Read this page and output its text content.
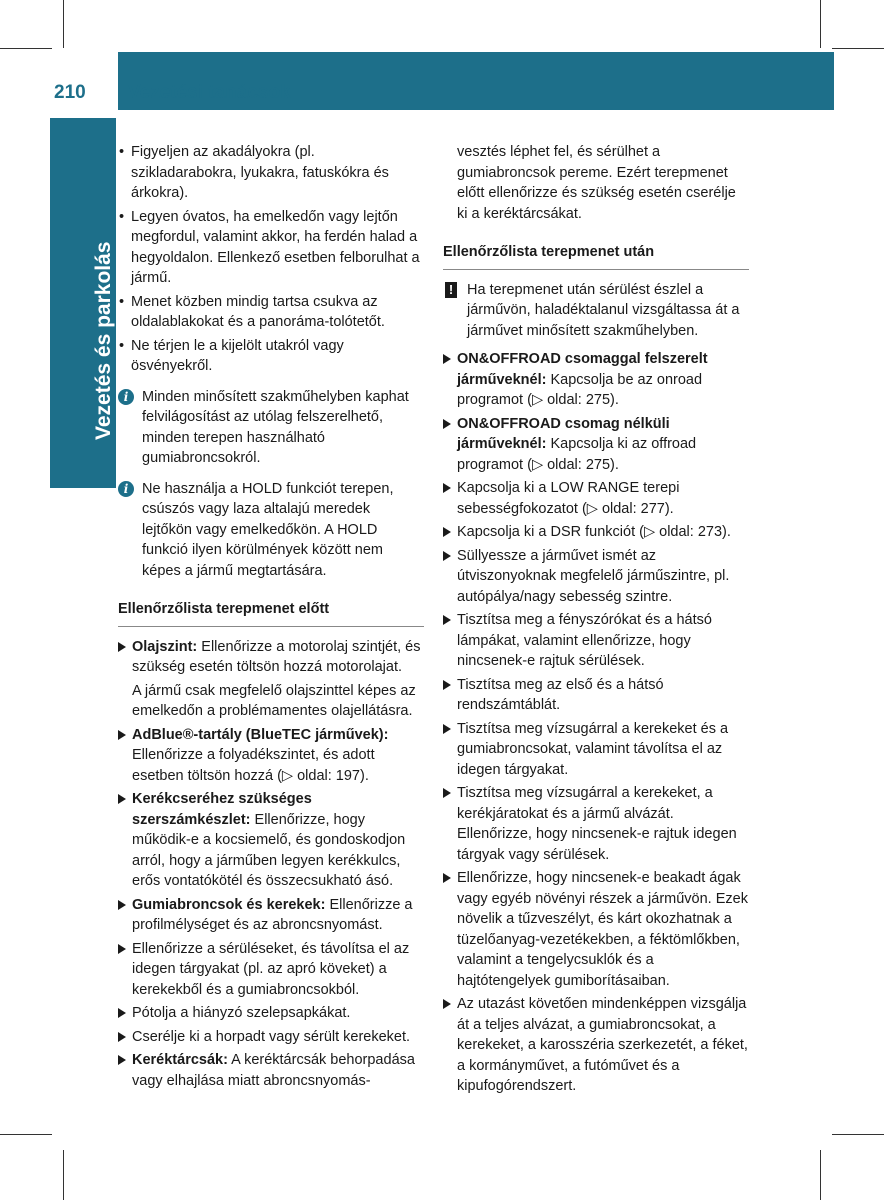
210 Vezetési tanácsok
Vezetés és parkolás
• Figyeljen az akadályokra (pl. szikladarabokra, lyukakra, fatuskókra és árkokra).
• Legyen óvatos, ha emelkedőn vagy lejtőn megfordul, valamint akkor, ha ferdén halad a hegyoldalon. Ellenkező esetben felborulhat a jármű.
• Menet közben mindig tartsa csukva az oldalablakokat és a panoráma-tolótetőt.
• Ne térjen le a kijelölt utakról vagy ösvényekről.
i Minden minősített szakműhelyben kaphat felvilágosítást az utólag felszerelhető, minden terepen használható gumiabroncsokról.
i Ne használja a HOLD funkciót terepen, csúszós vagy laza altalajú meredek lejtőkön vagy emelkedőkön. A HOLD funkció ilyen körülmények között nem képes a jármű megtartására.
Ellenőrzőlista terepmenet előtt
Olajszint: Ellenőrizze a motorolaj szintjét, és szükség esetén töltsön hozzá motorolajat.
A jármű csak megfelelő olajszinttel képes az emelkedőn a problémamentes olajellátásra.
AdBlue®-tartály (BlueTEC járművek): Ellenőrizze a folyadékszintet, és adott esetben töltsön hozzá (▷ oldal: 197).
Kerékcseréhez szükséges szerszámkészlet: Ellenőrizze, hogy működik-e a kocsiemelő, és gondoskodjon arról, hogy a járműben legyen kerékkulcs, erős vontatókötél és összecsukható ásó.
Gumiabroncsok és kerekek: Ellenőrizze a profilmélységet és az abroncsnyomást.
Ellenőrizze a sérüléseket, és távolítsa el az idegen tárgyakat (pl. az apró köveket) a kerekekből és a gumiabroncsokból.
Pótolja a hiányzó szelepsapkákat.
Cserélje ki a horpadt vagy sérült kerekeket.
Keréktárcsák: A keréktárcsák behorpadása vagy elhajlása miatt abroncsnyomás-
vesztés léphet fel, és sérülhet a gumiabroncsok pereme. Ezért terepmenet előtt ellenőrizze és szükség esetén cserélje ki a keréktárcsákat.
Ellenőrzőlista terepmenet után
! Ha terepmenet után sérülést észlel a járművön, haladéktalanul vizsgáltassa át a járművet minősített szakműhelyben.
ON&OFFROAD csomaggal felszerelt járműveknél: Kapcsolja be az onroad programot (▷ oldal: 275).
ON&OFFROAD csomag nélküli járműveknél: Kapcsolja ki az offroad programot (▷ oldal: 275).
Kapcsolja ki a LOW RANGE terepi sebességfokozatot (▷ oldal: 277).
Kapcsolja ki a DSR funkciót (▷ oldal: 273).
Süllyesszе a járművet ismét az útviszonyoknak megfelelő járműszintre, pl. autópálya/nagy sebesség szintre.
Tisztítsa meg a fényszórókat és a hátsó lámpákat, valamint ellenőrizze, hogy nincsenek-e rajtuk sérülések.
Tisztítsa meg az első és a hátsó rendszámtáblát.
Tisztítsa meg vízsugárral a kerekeket és a gumiabroncsokat, valamint távolítsa el az idegen tárgyakat.
Tisztítsa meg vízsugárral a kerekeket, a kerékjáratokat és a jármű alvázát. Ellenőrizze, hogy nincsenek-e rajtuk idegen tárgyak vagy sérülések.
Ellenőrizze, hogy nincsenek-e beakadt ágak vagy egyéb növényi részek a járművön. Ezek növelik a tűzveszélyt, és kárt okozhatnak a tüzelőanyag-vezetékekben, a féktömlőkben, valamint a tengelycsuklók és a hajtótengelyek gumiborításaiban.
Az utazást követően mindenképpen vizsgálja át a teljes alvázat, a gumiabroncsokat, a kerekeket, a karosszéria szerkezetét, a féket, a kormányművet, a futóművet és a kipufogórendszert.
